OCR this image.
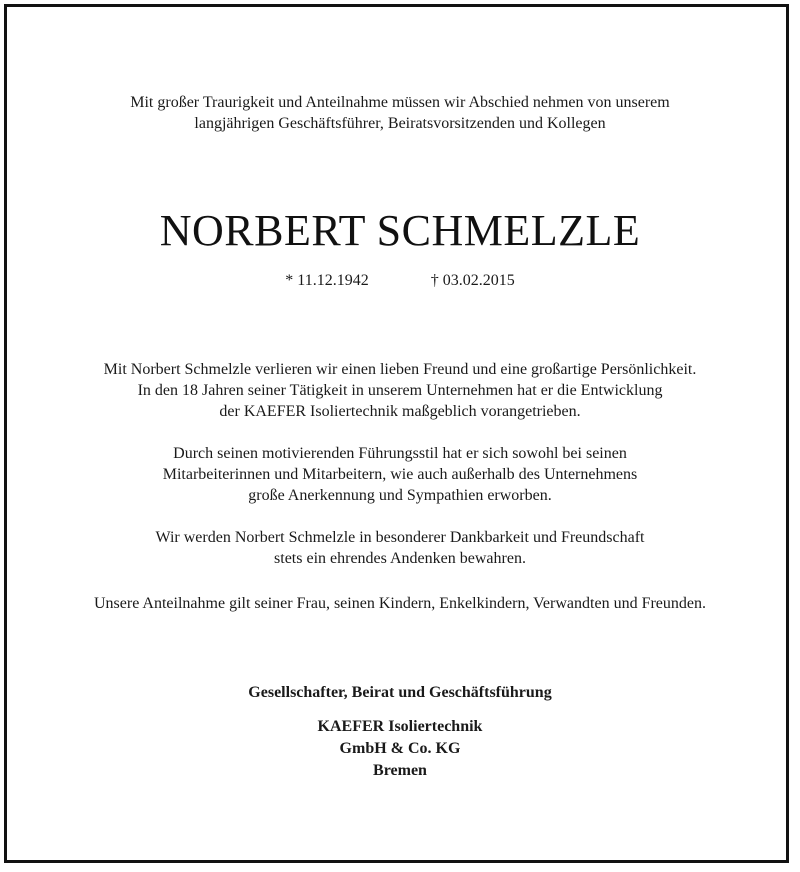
Mit großer Traurigkeit und Anteilnahme müssen wir Abschied nehmen von unserem
langjährigen Geschäftsführer, Beiratsvorsitzenden und Kollegen
NORBERT SCHMELZLE
* 11.12.1942	† 03.02.2015
Mit Norbert Schmelzle verlieren wir einen lieben Freund und eine großartige Persönlichkeit.
In den 18 Jahren seiner Tätigkeit in unserem Unternehmen hat er die Entwicklung
der KAEFER Isoliertechnik maßgeblich vorangetrieben.
Durch seinen motivierenden Führungsstil hat er sich sowohl bei seinen
Mitarbeiterinnen und Mitarbeitern, wie auch außerhalb des Unternehmens
große Anerkennung und Sympathien erworben.
Wir werden Norbert Schmelzle in besonderer Dankbarkeit und Freundschaft
stets ein ehrendes Andenken bewahren.
Unsere Anteilnahme gilt seiner Frau, seinen Kindern, Enkelkindern, Verwandten und Freunden.
Gesellschafter, Beirat und Geschäftsführung
KAEFER Isoliertechnik
GmbH & Co. KG
Bremen
